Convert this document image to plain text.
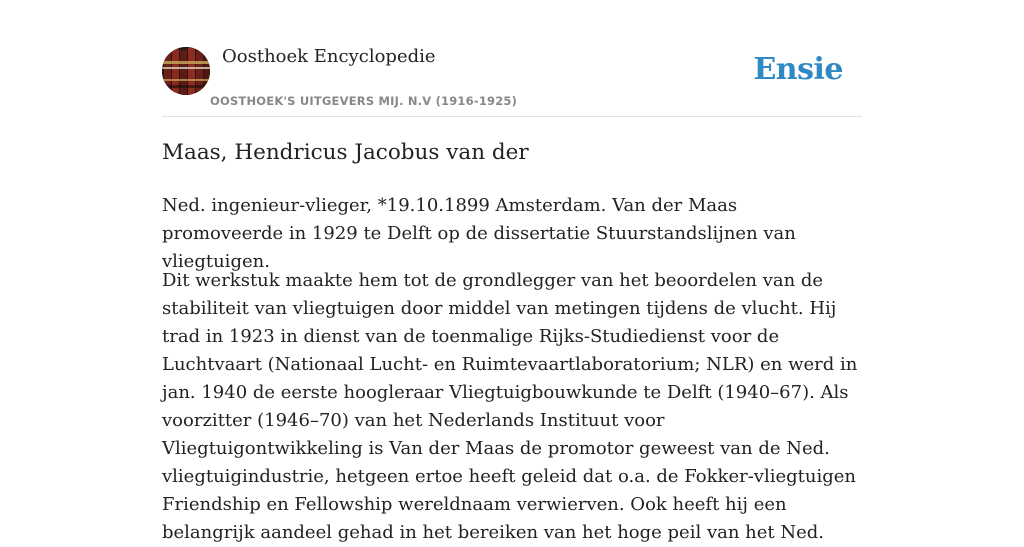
Oosthoek Encyclopedie
OOSTHOEK'S UITGEVERS MIJ. N.V (1916-1925)
Ensie
Maas, Hendricus Jacobus van der

Ned. ingenieur-vlieger, *19.10.1899 Amsterdam. Van der Maas promoveerde in 1929 te Delft op de dissertatie Stuurstandslijnen van vliegtuigen.

Dit werkstuk maakte hem tot de grondlegger van het beoordelen van de stabiliteit van vliegtuigen door middel van metingen tijdens de vlucht. Hij trad in 1923 in dienst van de toenmalige Rijks-Studiedienst voor de Luchtvaart (Nationaal Lucht- en Ruimtevaartlaboratorium; NLR) en werd in jan. 1940 de eerste hoogleraar Vliegtuigbouwkunde te Delft (1940–67). Als voorzitter (1946–70) van het Nederlands Instituut voor Vliegtuigontwikkeling is Van der Maas de promotor geweest van de Ned. vliegtuigindustrie, hetgeen ertoe heeft geleid dat o.a. de Fokker-vliegtuigen Friendship en Fellowship wereldnaam verwierven. Ook heeft hij een belangrijk aandeel gehad in het bereiken van het hoge peil van het Ned.
